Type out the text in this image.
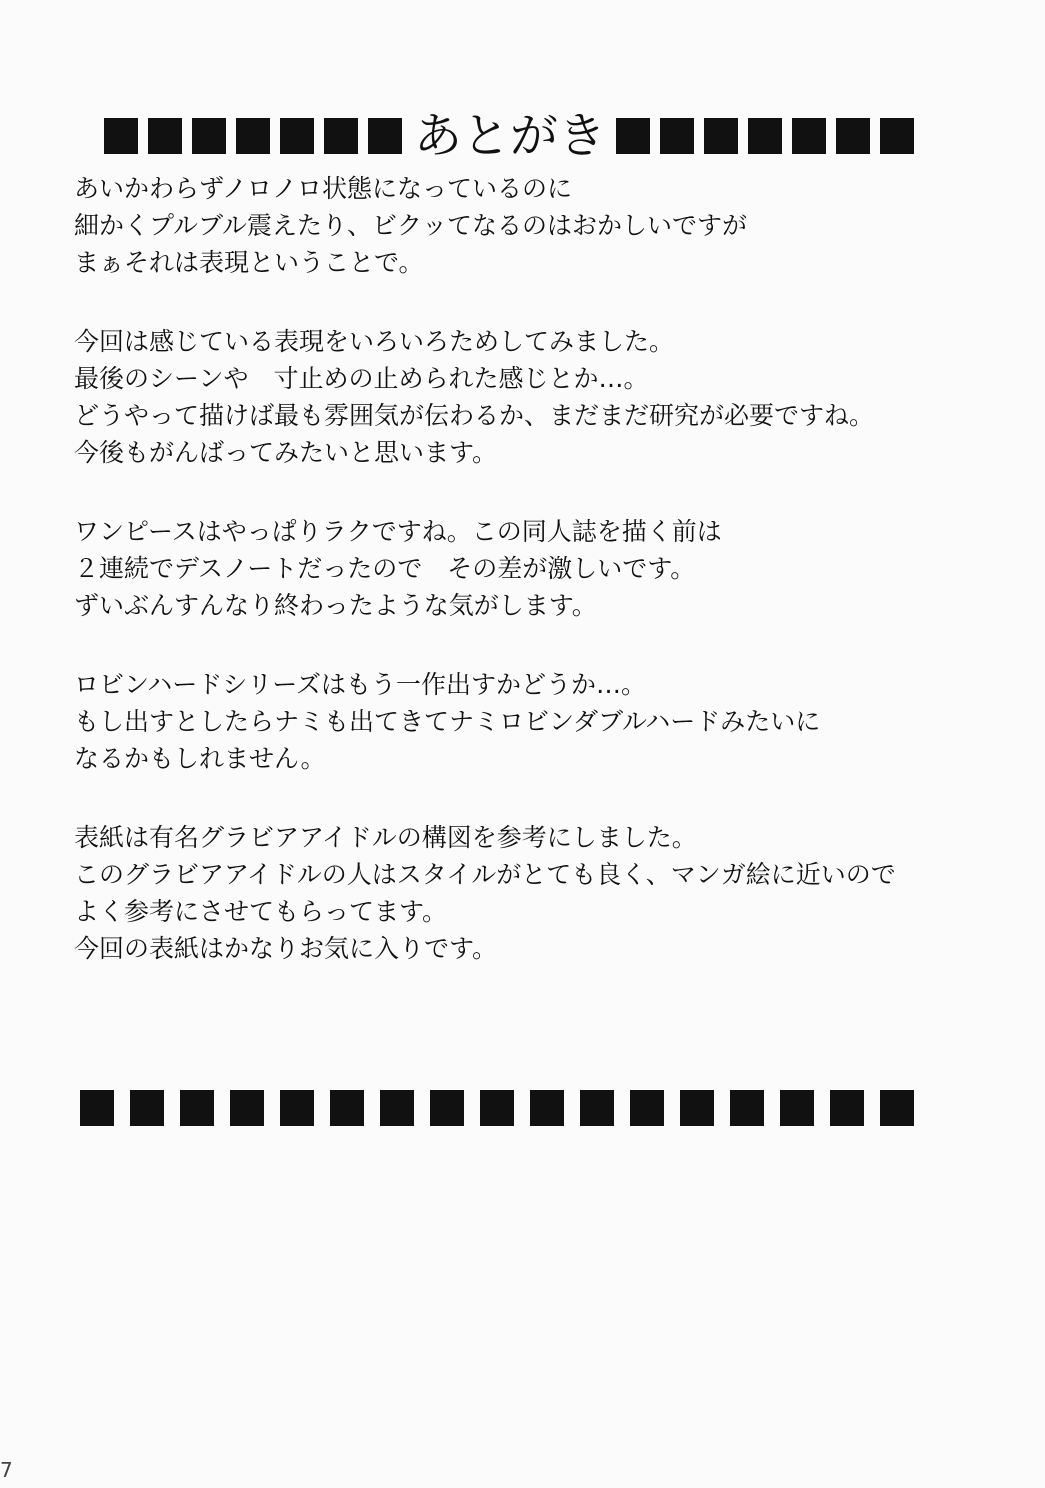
あとがき
あいかわらずノロノロ状態になっているのに
細かくプルブル震えたり、ビクッてなるのはおかしいですが
まぁそれは表現ということで。
今回は感じている表現をいろいろためしてみました。
最後のシーンや　寸止めの止められた感じとか…。
どうやって描けば最も雰囲気が伝わるか、まだまだ研究が必要ですね。
今後もがんばってみたいと思います。
ワンピースはやっぱりラクですね。この同人誌を描く前は
２連続でデスノートだったので　その差が激しいです。
ずいぶんすんなり終わったような気がします。
ロビンハードシリーズはもう一作出すかどうか…。
もし出すとしたらナミも出てきてナミロビンダブルハードみたいに
なるかもしれません。
表紙は有名グラビアアイドルの構図を参考にしました。
このグラビアアイドルの人はスタイルがとても良く、マンガ絵に近いので
よく参考にさせてもらってます。
今回の表紙はかなりお気に入りです。
7
